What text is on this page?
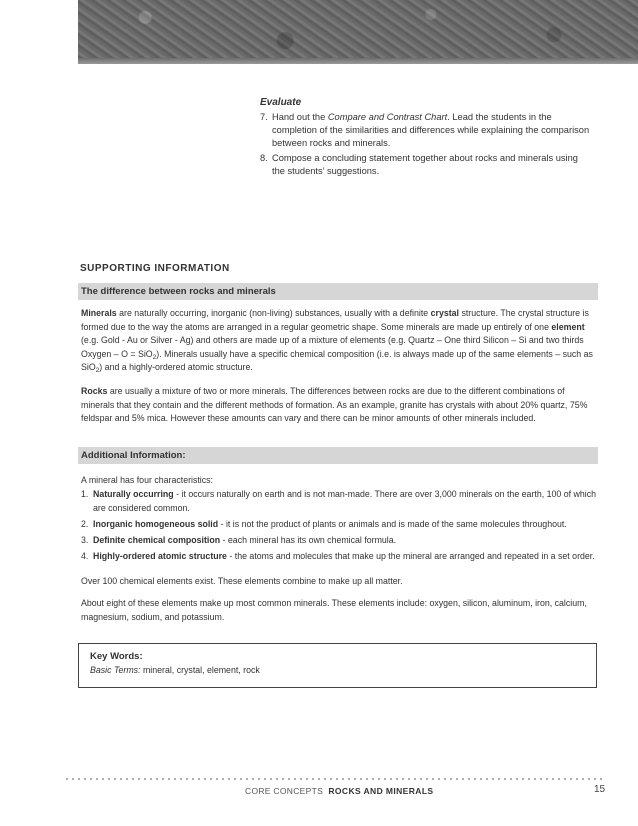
Evaluate
7. Hand out the Compare and Contrast Chart. Lead the students in the completion of the similarities and differences while explaining the comparison between rocks and minerals.
8. Compose a concluding statement together about rocks and minerals using the students’ suggestions.
SUPPORTING INFORMATION
The difference between rocks and minerals
Minerals are naturally occurring, inorganic (non-living) substances, usually with a definite crystal structure. The crystal structure is formed due to the way the atoms are arranged in a regular geometric shape. Some minerals are made up entirely of one element (e.g. Gold - Au or Silver - Ag) and others are made up of a mixture of elements (e.g. Quartz – One third Silicon – Si and two thirds Oxygen – O = SiO$_2$). Minerals usually have a specific chemical composition (i.e. is always made up of the same elements – such as SiO$_2$) and a highly-ordered atomic structure.
Rocks are usually a mixture of two or more minerals. The differences between rocks are due to the different combinations of minerals that they contain and the different methods of formation. As an example, granite has crystals with about 20% quartz, 75% feldspar and 5% mica. However these amounts can vary and there can be minor amounts of other minerals included.
Additional Information:
A mineral has four characteristics:
1. Naturally occurring - it occurs naturally on earth and is not man-made. There are over 3,000 minerals on the earth, 100 of which are considered common.
2. Inorganic homogeneous solid - it is not the product of plants or animals and is made of the same molecules throughout.
3. Definite chemical composition - each mineral has its own chemical formula.
4. Highly-ordered atomic structure - the atoms and molecules that make up the mineral are arranged and repeated in a set order.
Over 100 chemical elements exist. These elements combine to make up all matter.
About eight of these elements make up most common minerals. These elements include: oxygen, silicon, aluminum, iron, calcium, magnesium, sodium, and potassium.
Key Words:
Basic Terms: mineral, crystal, element, rock
CORE CONCEPTS ROCKS AND MINERALS	15
